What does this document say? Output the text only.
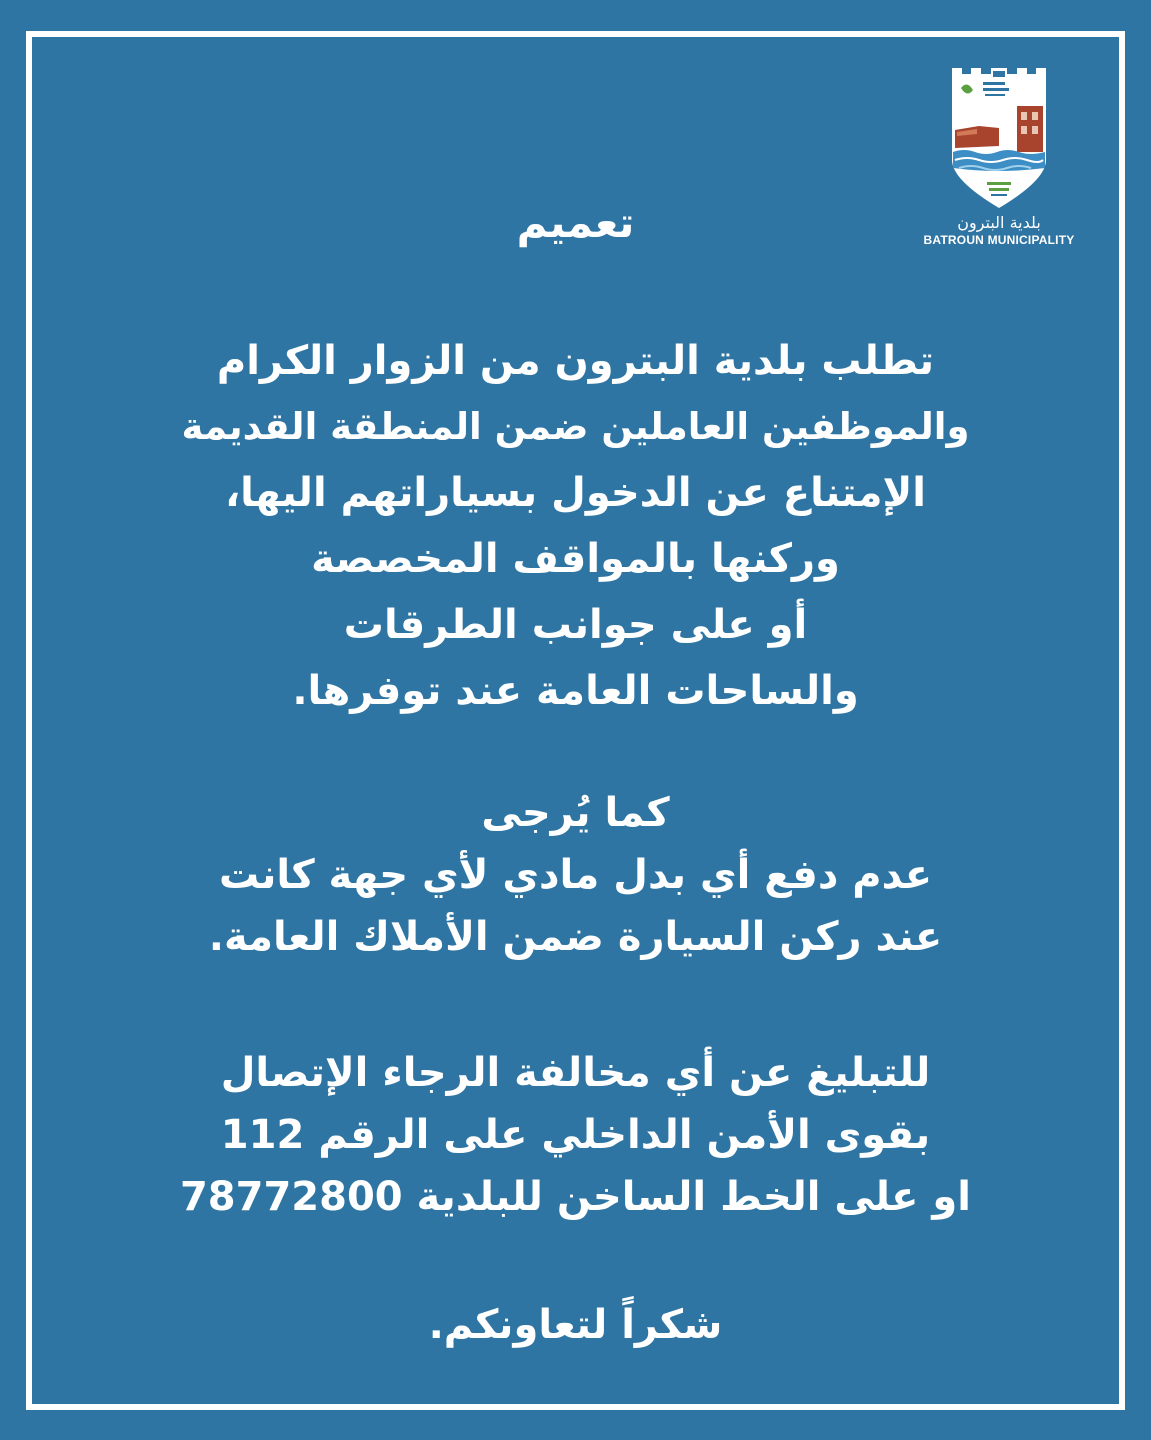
بلدية البترون
BATROUN MUNICIPALITY
تعميم
تطلب بلدية البترون من الزوار الكرام
والموظفين العاملين ضمن المنطقة القديمة
الإمتناع عن الدخول بسياراتهم اليها،
وركنها بالمواقف المخصصة
أو على جوانب الطرقات
والساحات العامة عند توفرها.
كما يُرجى
عدم دفع أي بدل مادي لأي جهة كانت
عند ركن السيارة ضمن الأملاك العامة.
للتبليغ عن أي مخالفة الرجاء الإتصال
بقوى الأمن الداخلي على الرقم 112
او على الخط الساخن للبلدية 78772800
شكراً لتعاونكم.
